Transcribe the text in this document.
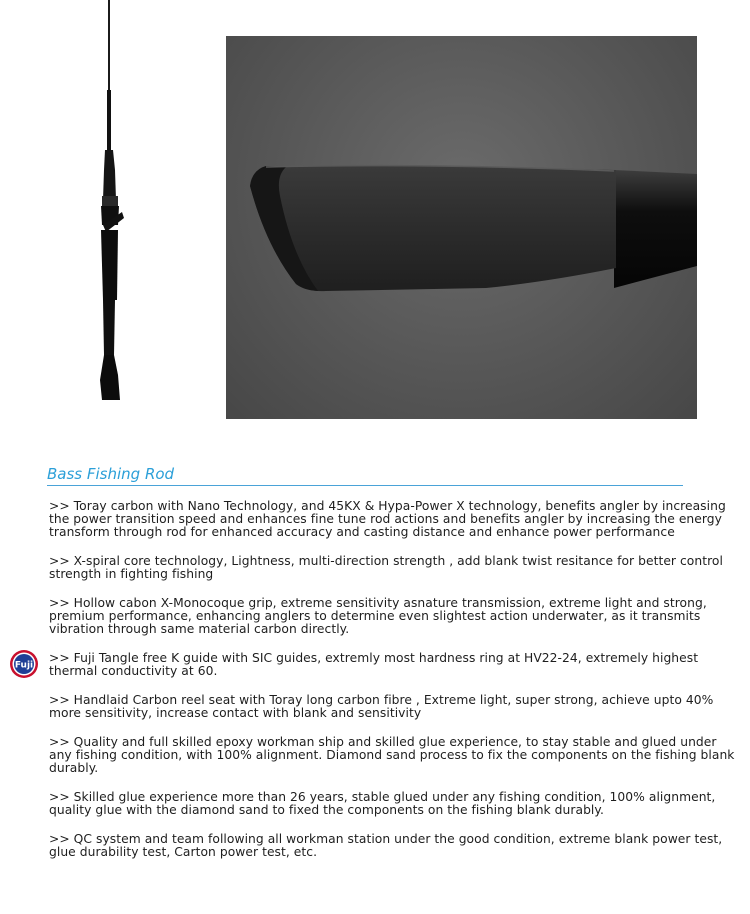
Bass Fishing Rod
Fuji

>> Toray carbon with Nano Technology, and 45KX & Hypa-Power X technology, benefits angler by increasing the power transition speed and enhances fine tune rod actions and benefits angler by increasing the energy transform through rod for enhanced accuracy and casting distance and enhance power performance

>> X-spiral core technology, Lightness, multi-direction strength , add blank twist resitance for better control strength in fighting fishing

>> Hollow cabon X-Monocoque grip, extreme sensitivity asnature transmission, extreme light and strong, premium performance, enhancing anglers to determine even slightest action underwater, as it transmits vibration through same material carbon directly.

>> Fuji Tangle free K guide with SIC guides, extremly most hardness ring at HV22-24, extremely highest thermal conductivity at 60.

>> Handlaid Carbon reel seat with Toray long carbon fibre , Extreme light, super strong, achieve upto 40% more sensitivity, increase contact with blank and sensitivity

>> Quality and full skilled epoxy workman ship and skilled glue experience, to stay stable and glued under any fishing condition, with 100% alignment. Diamond sand process to fix the components on the fishing blank durably.

>> Skilled glue experience more than 26 years, stable glued under any fishing condition, 100% alignment, quality glue with the diamond sand to fixed the components on the fishing blank durably.

>> QC system and team following all workman station under the good condition, extreme blank power test, glue durability test, Carton power test, etc.
